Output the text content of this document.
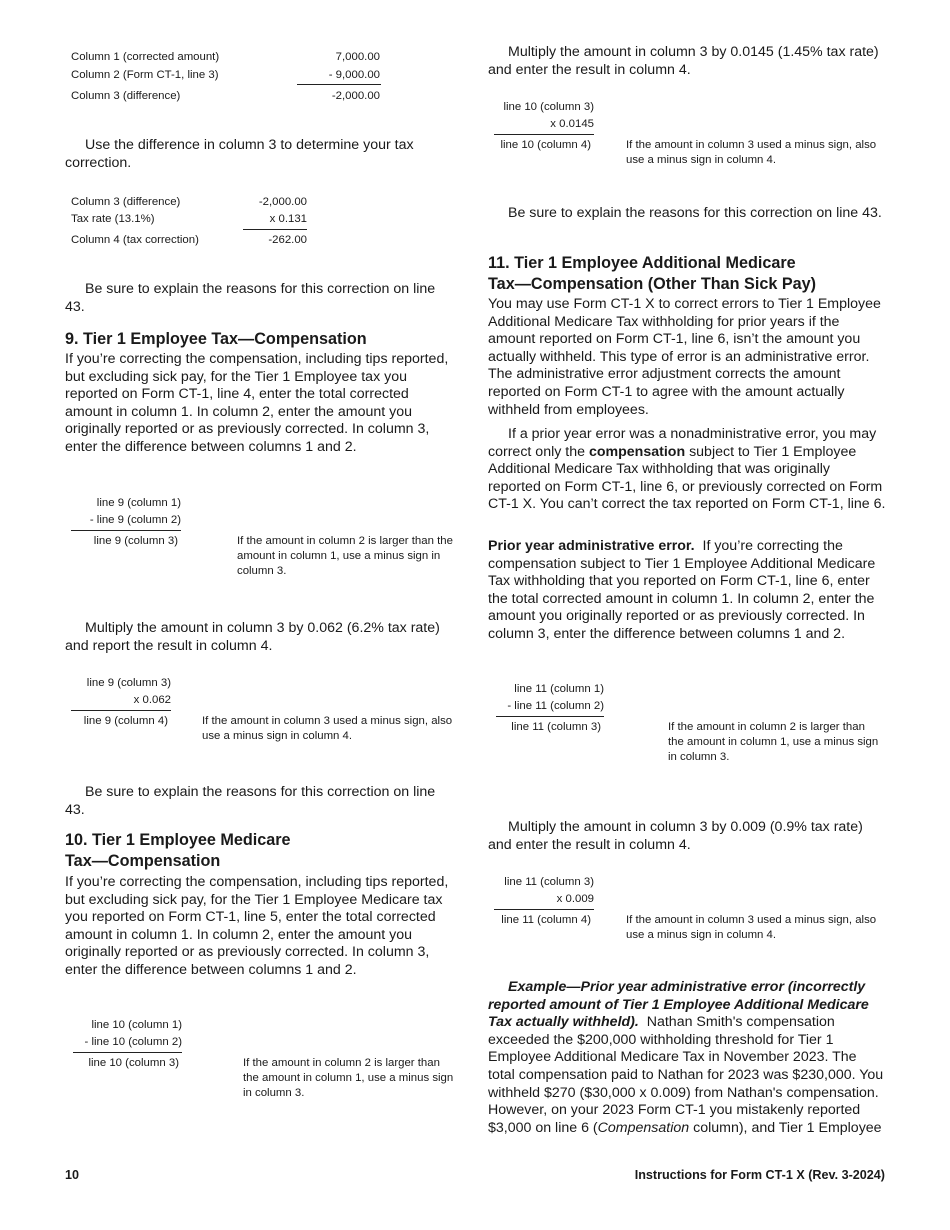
Column 1 (corrected amount)	7,000.00
Column 2 (Form CT-1, line 3)	- 9,000.00
Column 3 (difference)	-2,000.00

Use the difference in column 3 to determine your tax correction.

Column 3 (difference)	-2,000.00
Tax rate (13.1%)	x 0.131
Column 4 (tax correction)	-262.00

Be sure to explain the reasons for this correction on line 43.

9. Tier 1 Employee Tax—Compensation

If you’re correcting the compensation, including tips reported, but excluding sick pay, for the Tier 1 Employee tax you reported on Form CT-1, line 4, enter the total corrected amount in column 1. In column 2, enter the amount you originally reported or as previously corrected. In column 3, enter the difference between columns 1 and 2.

line 9 (column 1)
- line 9 (column 2)
line 9 (column 3)	If the amount in column 2 is larger than the amount in column 1, use a minus sign in column 3.

Multiply the amount in column 3 by 0.062 (6.2% tax rate) and report the result in column 4.

line 9 (column 3)
x 0.062
line 9 (column 4)	If the amount in column 3 used a minus sign, also use a minus sign in column 4.

Be sure to explain the reasons for this correction on line 43.

10. Tier 1 Employee Medicare
Tax—Compensation

If you’re correcting the compensation, including tips reported, but excluding sick pay, for the Tier 1 Employee Medicare tax you reported on Form CT-1, line 5, enter the total corrected amount in column 1. In column 2, enter the amount you originally reported or as previously corrected. In column 3, enter the difference between columns 1 and 2.

line 10 (column 1)
- line 10 (column 2)
line 10 (column 3)	If the amount in column 2 is larger than the amount in column 1, use a minus sign in column 3.

Multiply the amount in column 3 by 0.0145 (1.45% tax rate) and enter the result in column 4.

line 10 (column 3)
x 0.0145
line 10 (column 4)	If the amount in column 3 used a minus sign, also use a minus sign in column 4.

Be sure to explain the reasons for this correction on line 43.

11. Tier 1 Employee Additional Medicare
Tax—Compensation (Other Than Sick Pay)

You may use Form CT-1 X to correct errors to Tier 1 Employee Additional Medicare Tax withholding for prior years if the amount reported on Form CT-1, line 6, isn’t the amount you actually withheld. This type of error is an administrative error. The administrative error adjustment corrects the amount reported on Form CT-1 to agree with the amount actually withheld from employees.

If a prior year error was a nonadministrative error, you may correct only the compensation subject to Tier 1 Employee Additional Medicare Tax withholding that was originally reported on Form CT-1, line 6, or previously corrected on Form CT-1 X. You can’t correct the tax reported on Form CT-1, line 6.

Prior year administrative error. If you’re correcting the compensation subject to Tier 1 Employee Additional Medicare Tax withholding that you reported on Form CT-1, line 6, enter the total corrected amount in column 1. In column 2, enter the amount you originally reported or as previously corrected. In column 3, enter the difference between columns 1 and 2.

line 11 (column 1)
- line 11 (column 2)
line 11 (column 3)	If the amount in column 2 is larger than the amount in column 1, use a minus sign in column 3.

Multiply the amount in column 3 by 0.009 (0.9% tax rate) and enter the result in column 4.

line 11 (column 3)
x 0.009
line 11 (column 4)	If the amount in column 3 used a minus sign, also use a minus sign in column 4.

Example—Prior year administrative error (incorrectly reported amount of Tier 1 Employee Additional Medicare Tax actually withheld). Nathan Smith's compensation exceeded the $200,000 withholding threshold for Tier 1 Employee Additional Medicare Tax in November 2023. The total compensation paid to Nathan for 2023 was $230,000. You withheld $270 ($30,000 x 0.009) from Nathan's compensation. However, on your 2023 Form CT-1 you mistakenly reported $3,000 on line 6 (Compensation column), and Tier 1 Employee

10	Instructions for Form CT-1 X (Rev. 3-2024)
